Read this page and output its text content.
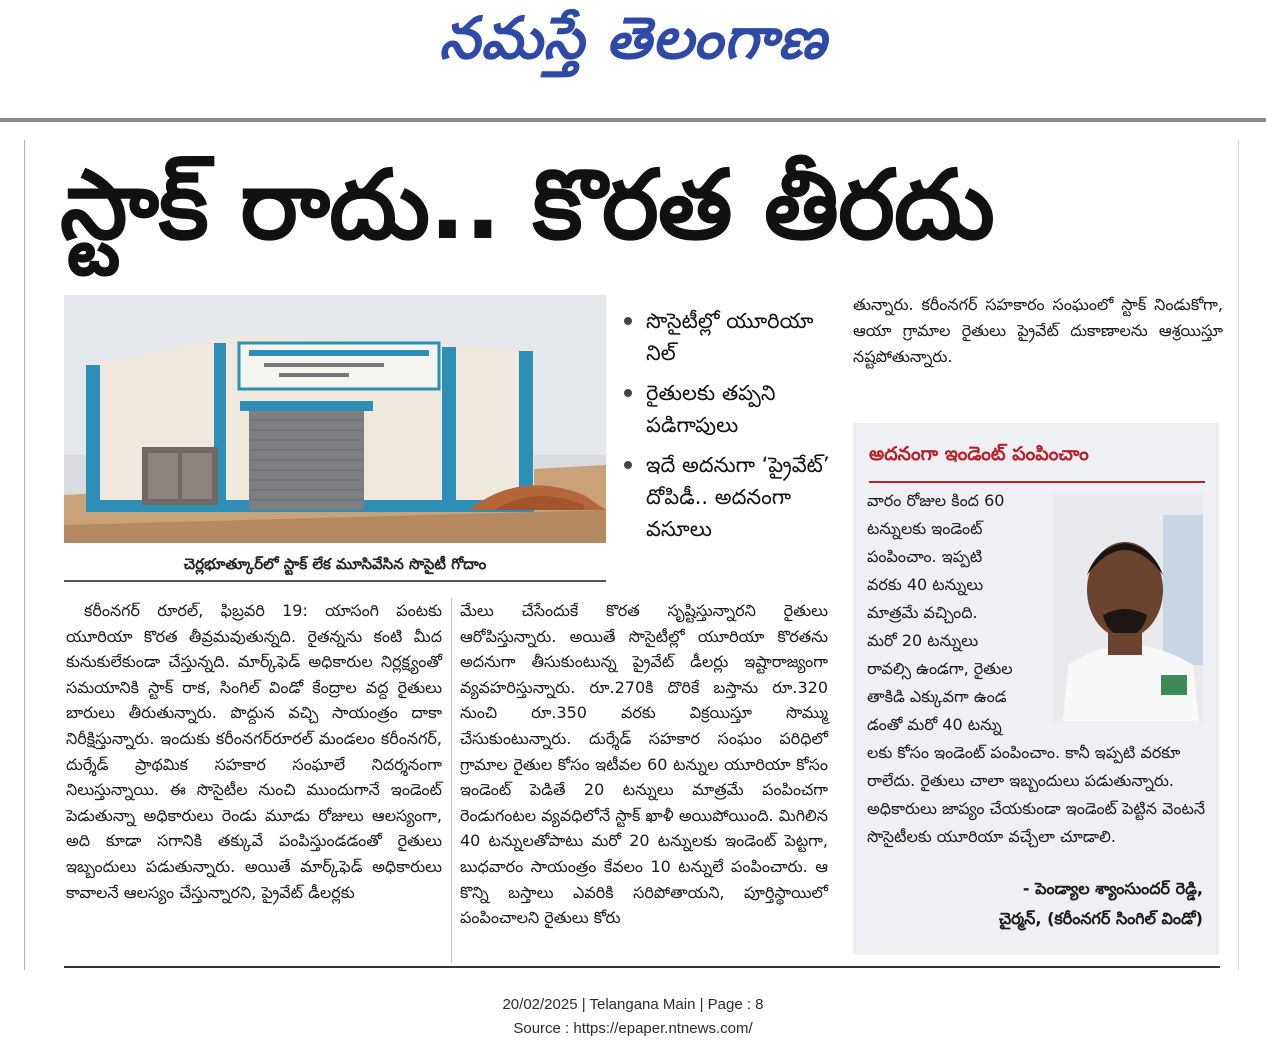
నమస్తే తెలంగాణ
స్టాక్ రాదు.. కొరత తీరదు
చెర్లభూత్కూర్‌లో స్టాక్ లేక మూసివేసిన సొసైటీ గోదాం
సొసైటీల్లో యూరియా నిల్
రైతులకు తప్పని పడిగాపులు
ఇదే అదనుగా ‘ప్రైవేట్’ దోపిడీ.. అదనంగా వసూలు
తున్నారు. కరీంనగర్ సహకారం సంఘంలో స్టాక్ నిండుకోగా, ఆయా గ్రామాల రైతులు ప్రైవేట్ దుకాణాలను ఆశ్రయిస్తూ నష్టపోతున్నారు.
అదనంగా ఇండెంట్ పంపించాం
వారం రోజుల కింద 60
టన్నులకు ఇండెంట్
పంపించాం. ఇప్పటి
వరకు 40 టన్నులు
మాత్రమే వచ్చింది.
మరో 20 టన్నులు
రావల్సి ఉండగా, రైతుల
తాకిడి ఎక్కువగా ఉండ
డంతో మరో 40 టన్ను
లకు కోసం ఇండెంట్ పంపించాం. కానీ ఇప్పటి వరకూ రాలేదు. రైతులు చాలా ఇబ్బందులు పడుతున్నారు. అధికారులు జాప్యం చేయకుండా ఇండెంట్ పెట్టిన వెంటనే సొసైటీలకు యూరియా వచ్చేలా చూడాలి.
- పెండ్యాల శ్యాంసుందర్ రెడ్డి,
చైర్మన్, (కరీంనగర్ సింగిల్ విండో)
కరీంనగర్ రూరల్, ఫిబ్రవరి 19: యాసంగి పంటకు యూరియా కొరత తీవ్రమవుతున్నది. రైతన్నను కంటి మీద కునుకులేకుండా చేస్తున్నది. మార్క్‌ఫెడ్ అధికారుల నిర్లక్ష్యంతో సమయానికి స్టాక్ రాక, సింగిల్ విండో కేంద్రాల వద్ద రైతులు బారులు తీరుతున్నారు. పొద్దున వచ్చి సాయంత్రం దాకా నిరీక్షిస్తున్నారు. ఇందుకు కరీంనగర్‌రూరల్ మండలం కరీంనగర్, దుర్శేడ్ ప్రాథమిక సహకార సంఘాలే నిదర్శనంగా నిలుస్తున్నాయి. ఈ సొసైటీల నుంచి ముందుగానే ఇండెంట్ పెడుతున్నా అధికారులు రెండు మూడు రోజులు ఆలస్యంగా, అది కూడా సగానికి తక్కువే పంపిస్తుండడంతో రైతులు ఇబ్బందులు పడుతున్నారు. అయితే మార్క్‌ఫెడ్ అధికారులు కావాలనే ఆలస్యం చేస్తున్నారని, ప్రైవేట్ డీలర్లకు
మేలు చేసేందుకే కొరత సృష్టిస్తున్నారని రైతులు ఆరోపిస్తున్నారు. అయితే సొసైటీల్లో యూరియా కొరతను అదనుగా తీసుకుంటున్న ప్రైవేట్ డీలర్లు ఇష్టారాజ్యంగా వ్యవహరిస్తున్నారు. రూ.270కి దొరికే బస్తాను రూ.320 నుంచి రూ.350 వరకు విక్రయిస్తూ సొమ్ము చేసుకుంటున్నారు. దుర్శేడ్ సహకార సంఘం పరిధిలో గ్రామాల రైతుల కోసం ఇటీవల 60 టన్నుల యూరియా కోసం ఇండెంట్ పెడితే 20 టన్నులు మాత్రమే పంపించగా రెండుగంటల వ్యవధిలోనే స్టాక్ ఖాళీ అయిపోయింది. మిగిలిన 40 టన్నులతోపాటు మరో 20 టన్నులకు ఇండెంట్ పెట్టగా, బుధవారం సాయంత్రం కేవలం 10 టన్నులే పంపించారు. ఆ కొన్ని బస్తాలు ఎవరికి సరిపోతాయని, పూర్తిస్థాయిలో పంపించాలని రైతులు కోరు
20/02/2025 | Telangana Main | Page : 8
Source : https://epaper.ntnews.com/
